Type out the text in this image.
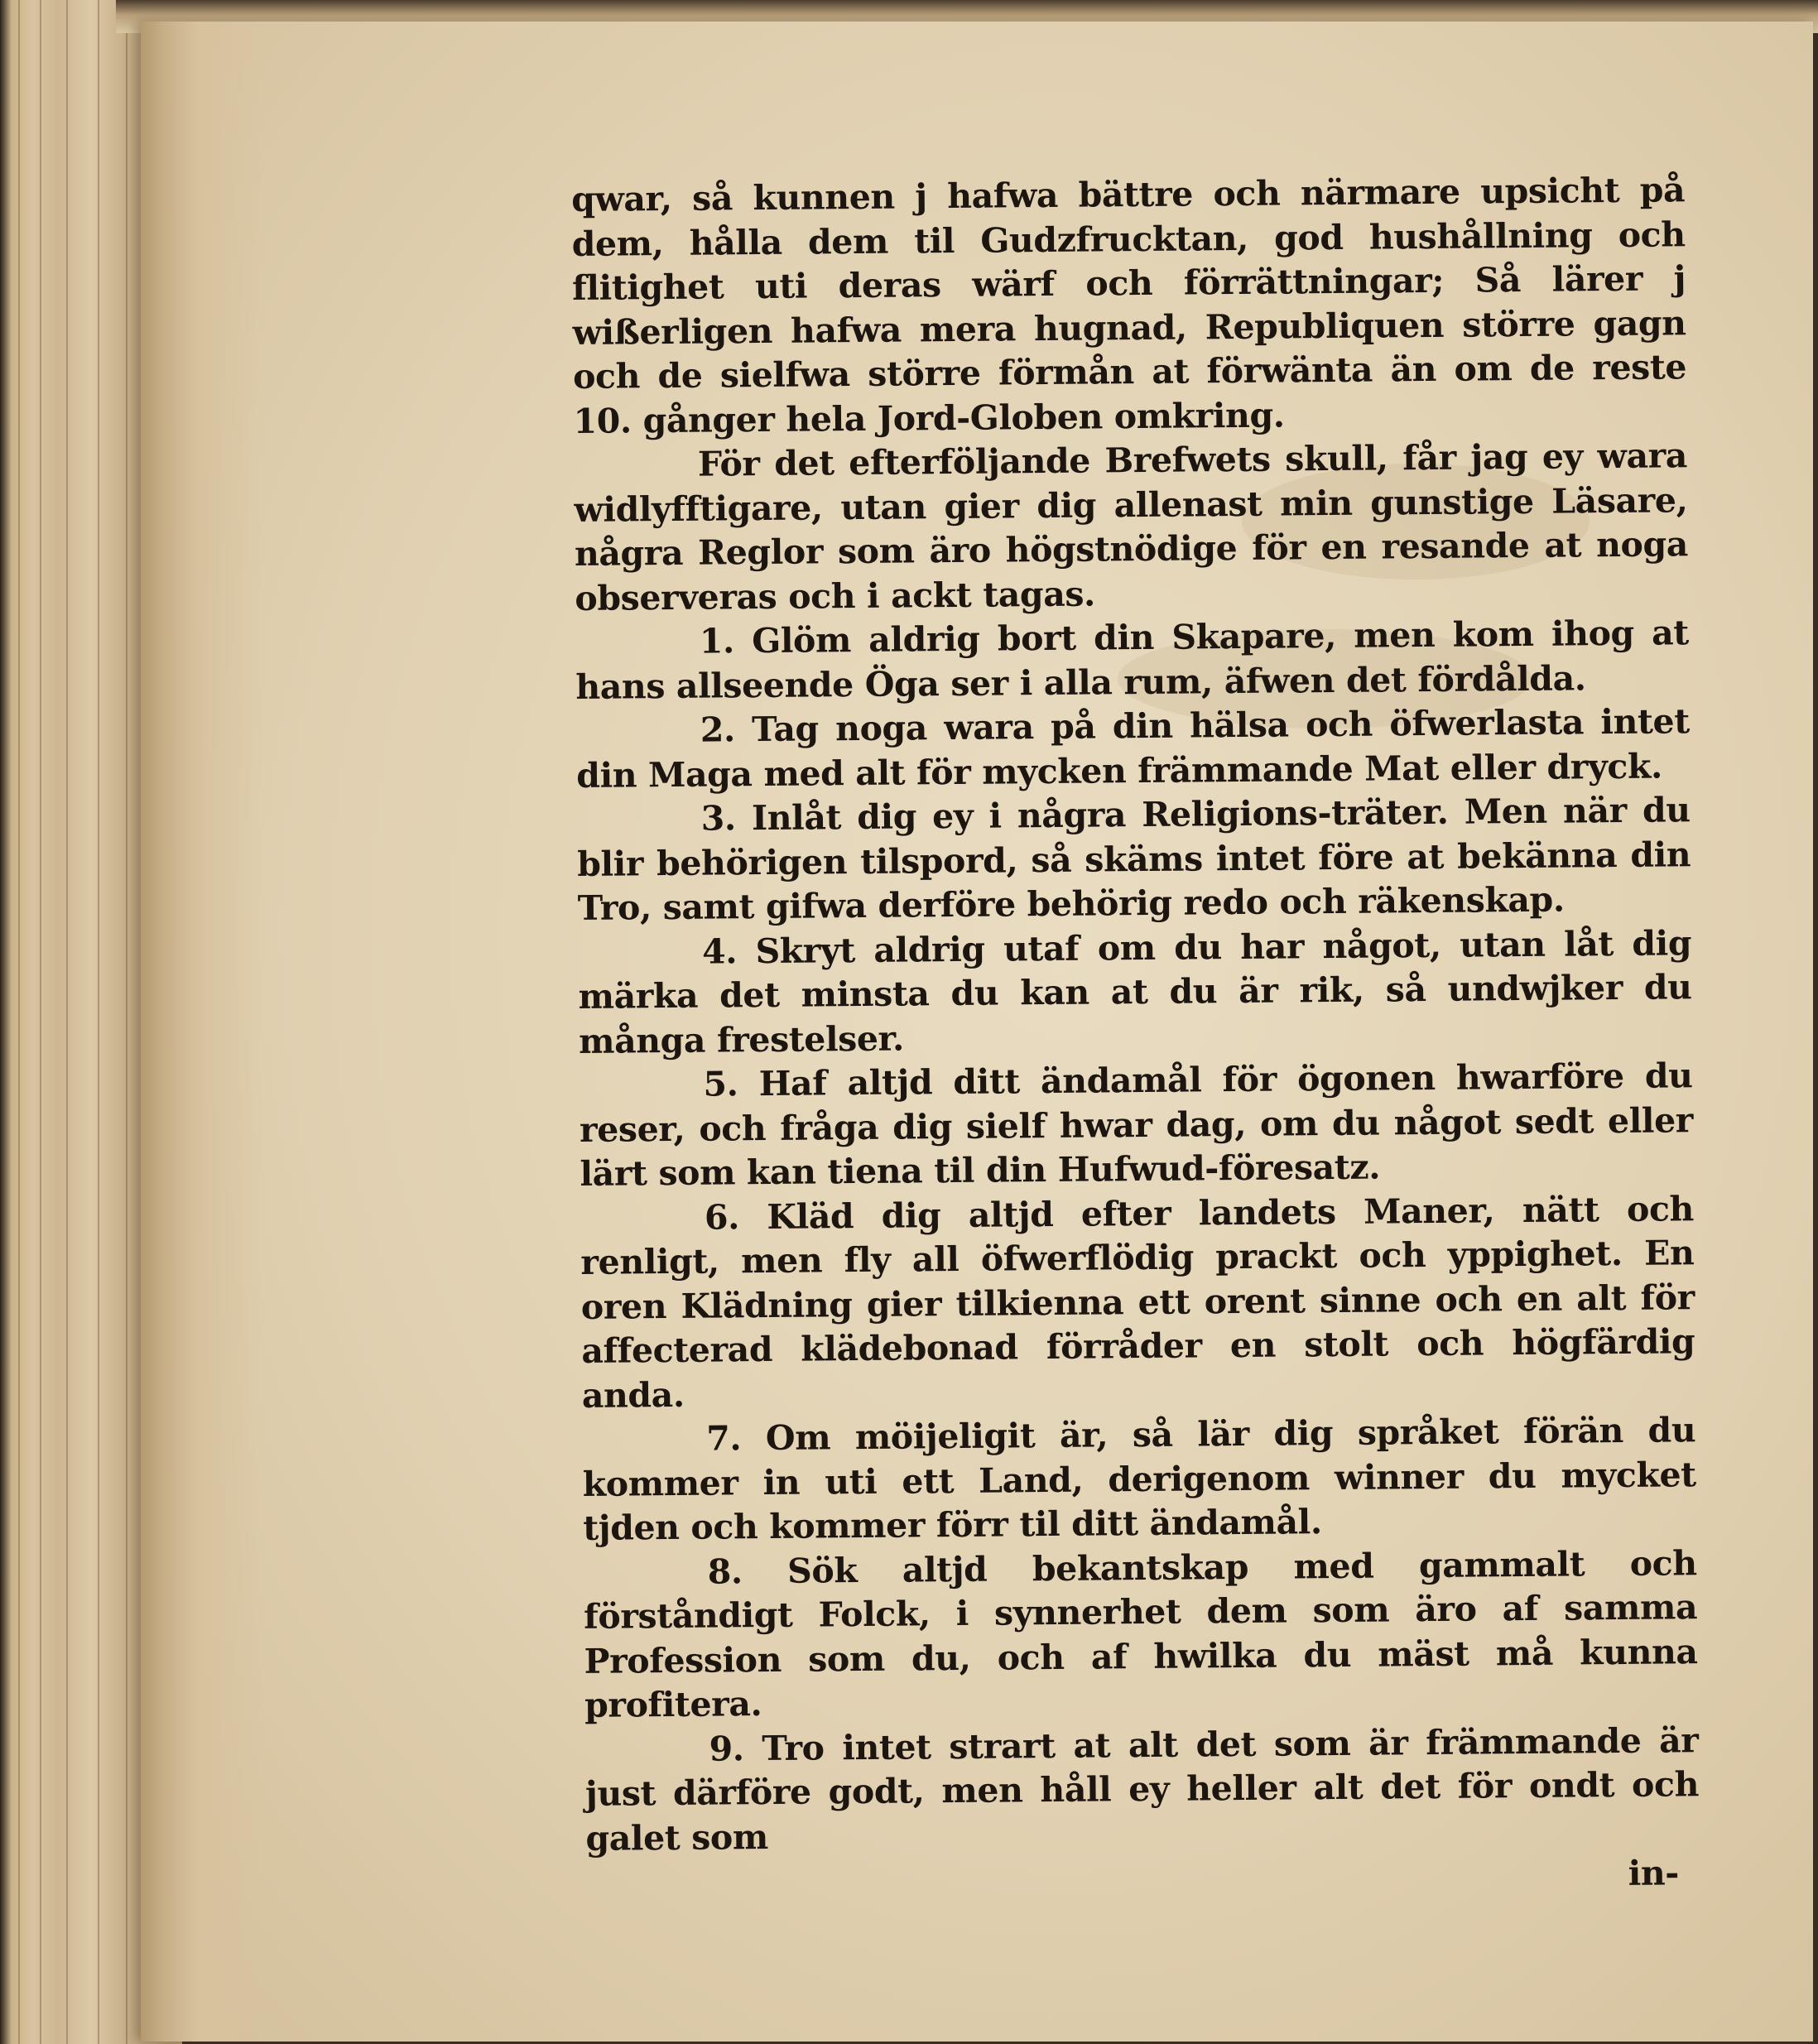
qwar, så kunnen j hafwa bättre och närmare upsicht på dem, hålla dem til Gudzfrucktan, god hushållning och flitighet uti deras wärf och förrättningar; Så lärer j wißerligen hafwa mera hugnad, Republiquen större gagn och de sielfwa större förmån at förwänta än om de reste 10. gånger hela Jord-Globen omkring.

För det efterföljande Brefwets skull, får jag ey wara widlyfftigare, utan gier dig allenast min gunstige Läsare, några Reglor som äro högstnödige för en resande at noga observeras och i ackt tagas.

1. Glöm aldrig bort din Skapare, men kom ihog at hans allseende Öga ser i alla rum, äfwen det fördålda.

2. Tag noga wara på din hälsa och öfwerlasta intet din Maga med alt för mycken främmande Mat eller dryck.

3. Inlåt dig ey i några Religions-träter. Men när du blir behörigen tilspord, så skäms intet före at bekänna din Tro, samt gifwa derföre behörig redo och räkenskap.

4. Skryt aldrig utaf om du har något, utan låt dig märka det minsta du kan at du är rik, så undwjker du många frestelser.

5. Haf altjd ditt ändamål för ögonen hwarföre du reser, och fråga dig sielf hwar dag, om du något sedt eller lärt som kan tiena til din Hufwud-föresatz.

6. Kläd dig altjd efter landets Maner, nätt och renligt, men fly all öfwerflödig prackt och yppighet. En oren Klädning gier tilkienna ett orent sinne och en alt för affecterad klädebonad förråder en stolt och högfärdig anda.

7. Om möijeligit är, så lär dig språket förän du kommer in uti ett Land, derigenom winner du mycket tjden och kommer förr til ditt ändamål.

8. Sök altjd bekantskap med gammalt och förståndigt Folck, i synnerhet dem som äro af samma Profession som du, och af hwilka du mäst må kunna profitera.

9. Tro intet strart at alt det som är främmande är just därföre godt, men håll ey heller alt det för ondt och galet som

in-
